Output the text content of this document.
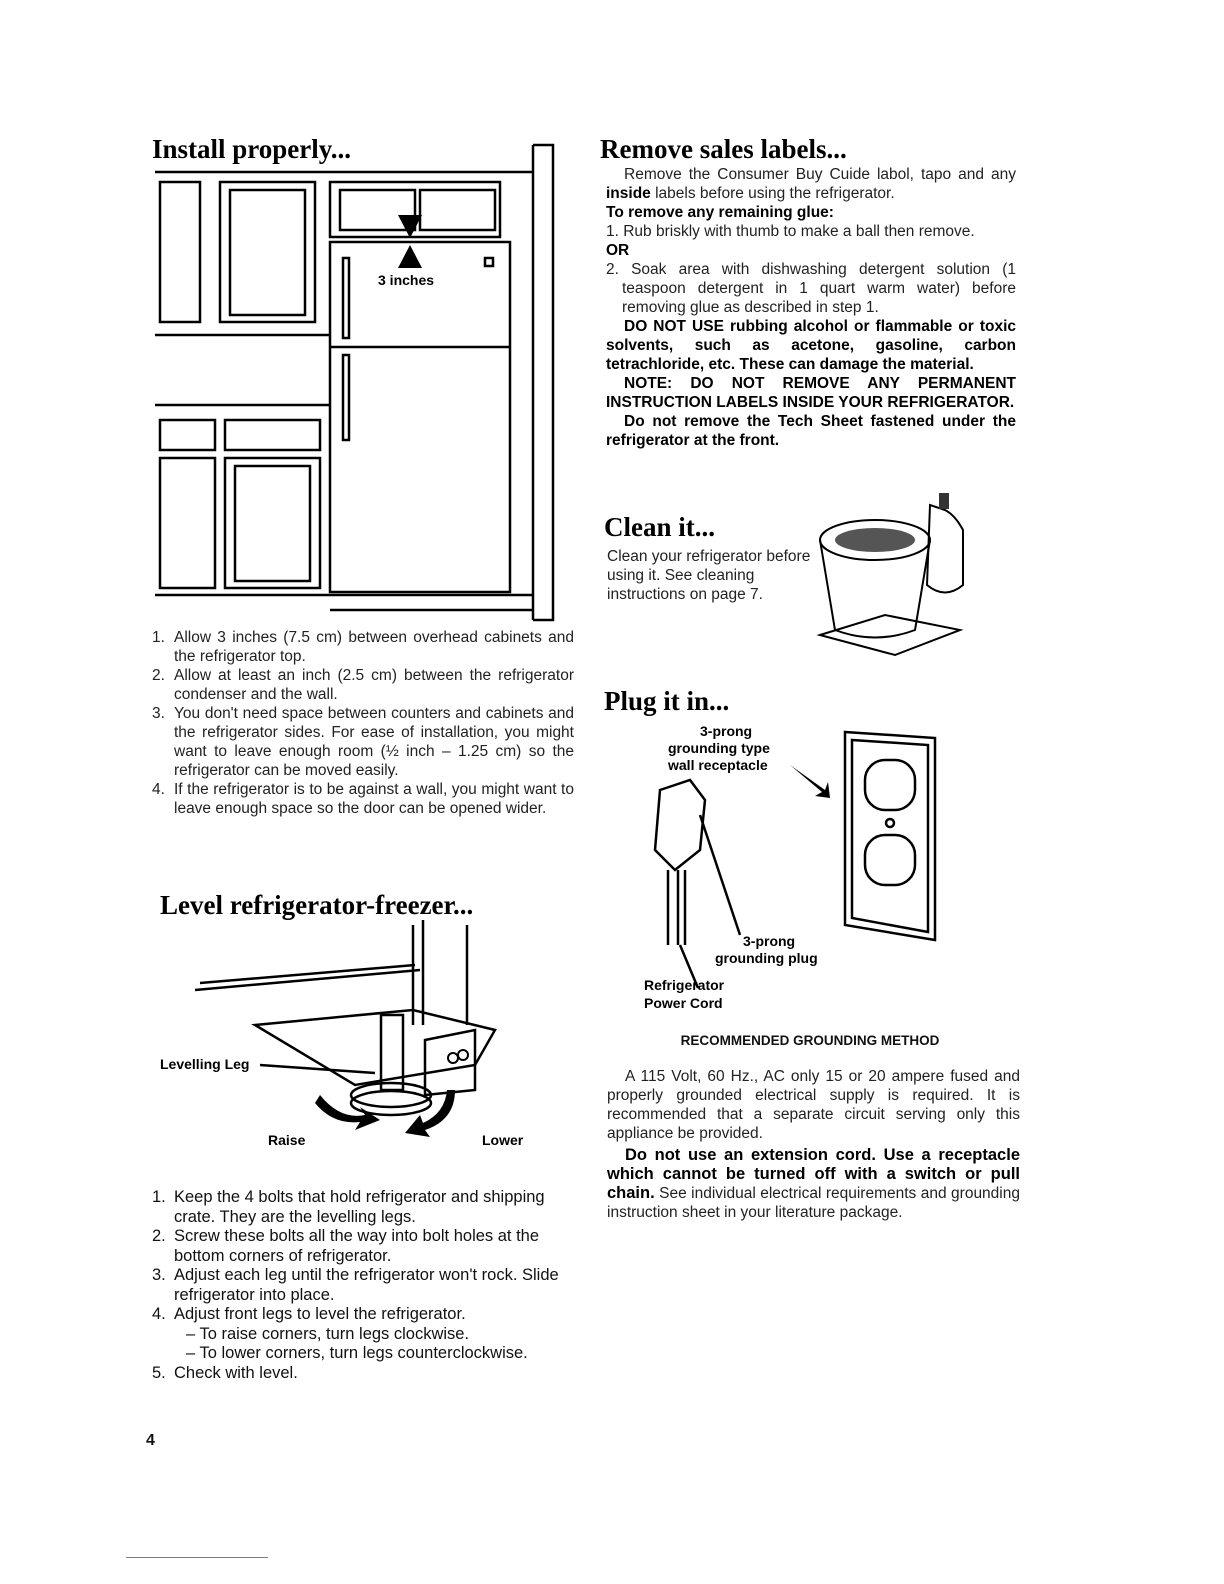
Install properly...
3 inches
1. Allow 3 inches (7.5 cm) between overhead cabinets and the refrigerator top.
2. Allow at least an inch (2.5 cm) between the refrigerator condenser and the wall.
3. You don't need space between counters and cabinets and the refrigerator sides. For ease of installation, you might want to leave enough room (½ inch – 1.25 cm) so the refrigerator can be moved easily.
4. If the refrigerator is to be against a wall, you might want to leave enough space so the door can be opened wider.
Level refrigerator-freezer...
Levelling Leg
Raise	Lower
1. Keep the 4 bolts that hold refrigerator and shipping crate. They are the levelling legs.
2. Screw these bolts all the way into bolt holes at the bottom corners of refrigerator.
3. Adjust each leg until the refrigerator won't rock. Slide refrigerator into place.
4. Adjust front legs to level the refrigerator.
– To raise corners, turn legs clockwise.
– To lower corners, turn legs counterclockwise.
5. Check with level.
4
Remove sales labels...

Remove the Consumer Buy Cuide labol, tapo and any inside labels before using the refrigerator.

To remove any remaining glue:

1. Rub briskly with thumb to make a ball then remove.

OR

2. Soak area with dishwashing detergent solution (1 teaspoon detergent in 1 quart warm water) before removing glue as described in step 1.

DO NOT USE rubbing alcohol or flammable or toxic solvents, such as acetone, gasoline, carbon tetrachloride, etc. These can damage the material.

NOTE: DO NOT REMOVE ANY PERMANENT INSTRUCTION LABELS INSIDE YOUR REFRIGERATOR.

Do not remove the Tech Sheet fastened under the refrigerator at the front.

Clean it...
Clean your refrigerator before using it. See cleaning instructions on page 7.
Plug it in...
3-prong
grounding type
wall receptacle
3-prong
grounding plug
Refrigerator
Power Cord
RECOMMENDED GROUNDING METHOD

A 115 Volt, 60 Hz., AC only 15 or 20 ampere fused and properly grounded electrical supply is required. It is recommended that a separate circuit serving only this appliance be provided.

Do not use an extension cord. Use a receptacle which cannot be turned off with a switch or pull chain. See individual electrical requirements and grounding instruction sheet in your literature package.
